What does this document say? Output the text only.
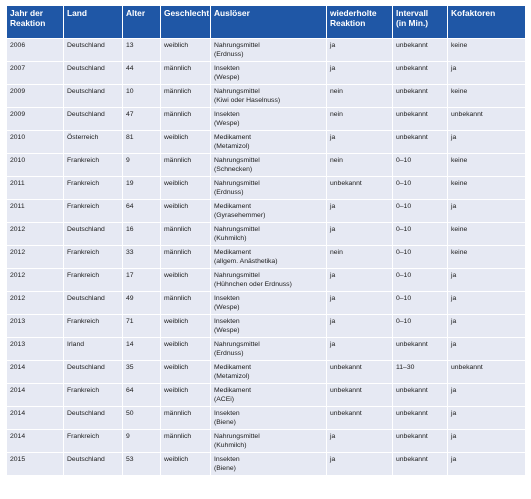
Jahr der
Reaktion	Land	Alter	Geschlecht	Auslöser	wiederholte
Reaktion	Intervall
(in Min.)	Kofaktoren

2006	Deutschland	13	weiblich	Nahrungsmittel
(Erdnuss)	ja	unbekannt	keine

2007	Deutschland	44	männlich	Insekten
(Wespe)	ja	unbekannt	ja

2009	Deutschland	10	männlich	Nahrungsmittel
(Kiwi oder Haselnuss)	nein	unbekannt	keine

2009	Deutschland	47	männlich	Insekten
(Wespe)	nein	unbekannt	unbekannt

2010	Österreich	81	weiblich	Medikament
(Metamizol)	ja	unbekannt	ja

2010	Frankreich	9	männlich	Nahrungsmittel
(Schnecken)	nein	0–10	keine

2011	Frankreich	19	weiblich	Nahrungsmittel
(Erdnuss)	unbekannt	0–10	keine

2011	Frankreich	64	weiblich	Medikament
(Gyrasehemmer)	ja	0–10	ja

2012	Deutschland	16	männlich	Nahrungsmittel
(Kuhmilch)	ja	0–10	keine

2012	Frankreich	33	männlich	Medikament
(allgem. Anästhetika)	nein	0–10	keine

2012	Frankreich	17	weiblich	Nahrungsmittel
(Hühnchen oder Erdnuss)	ja	0–10	ja

2012	Deutschland	49	männlich	Insekten
(Wespe)	ja	0–10	ja

2013	Frankreich	71	weiblich	Insekten
(Wespe)	ja	0–10	ja

2013	Irland	14	weiblich	Nahrungsmittel
(Erdnuss)	ja	unbekannt	ja

2014	Deutschland	35	weiblich	Medikament
(Metamizol)	unbekannt	11–30	unbekannt

2014	Frankreich	64	weiblich	Medikament
(ACEi)	unbekannt	unbekannt	ja

2014	Deutschland	50	männlich	Insekten
(Biene)	unbekannt	unbekannt	ja

2014	Frankreich	9	männlich	Nahrungsmittel
(Kuhmilch)	ja	unbekannt	ja

2015	Deutschland	53	weiblich	Insekten
(Biene)	ja	unbekannt	ja
